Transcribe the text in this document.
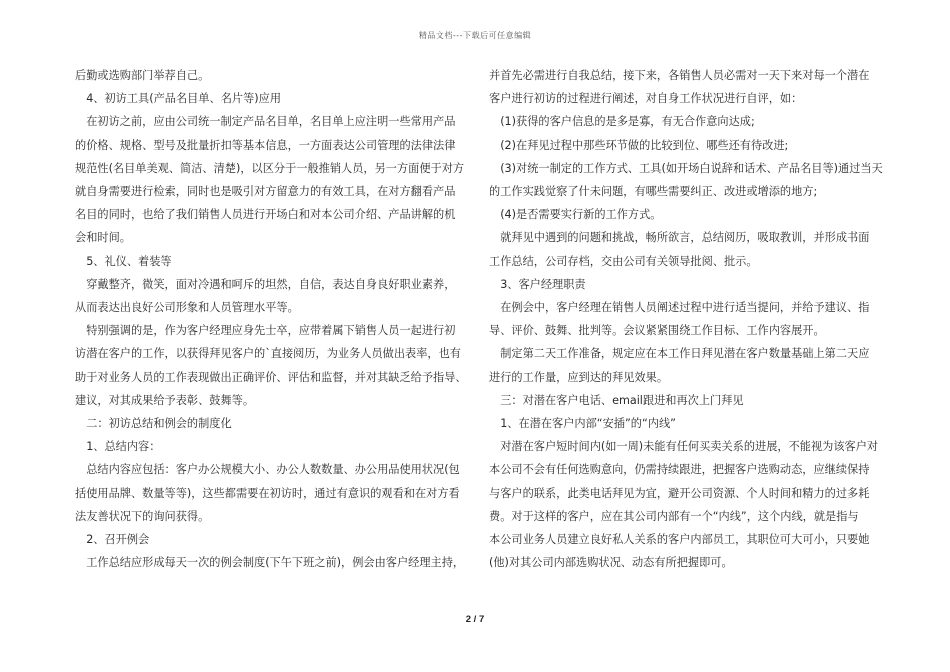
精品文档---下载后可任意编辑

后勤或选购部门举荐自己。

　4、初访工具(产品名目单、名片等)应用

　在初访之前，应由公司统一制定产品名目单，名目单上应注明一些常用产品

的价格、规格、型号及批量折扣等基本信息，一方面表达公司管理的法律法律

规范性(名目单美观、简洁、清楚)，以区分于一般推销人员，另一方面便于对方

就自身需要进行检索，同时也是吸引对方留意力的有效工具，在对方翻看产品

名目的同时，也给了我们销售人员进行开场白和对本公司介绍、产品讲解的机

会和时间。

　5、礼仪、着装等

　穿戴整齐，微笑，面对冷遇和呵斥的坦然，自信，表达自身良好职业素养，

从而表达出良好公司形象和人员管理水平等。

　特别强调的是，作为客户经理应身先士卒，应带着属下销售人员一起进行初

访潜在客户的工作，以获得拜见客户的`直接阅历，为业务人员做出表率，也有

助于对业务人员的工作表现做出正确评价、评估和监督，并对其缺乏给予指导、

建议，对其成果给予表彰、鼓舞等。

　二：初访总结和例会的制度化

　1、总结内容：

　总结内容应包括：客户办公规模大小、办公人数数量、办公用品使用状况(包

括使用品牌、数量等等)，这些都需要在初访时，通过有意识的观看和在对方看

法友善状况下的询问获得。

　2、召开例会

　工作总结应形成每天一次的例会制度(下午下班之前)，例会由客户经理主持，

并首先必需进行自我总结，接下来，各销售人员必需对一天下来对每一个潜在

客户进行初访的过程进行阐述，对自身工作状况进行自评，如：

　(1)获得的客户信息的是多是寡，有无合作意向达成;

　(2)在拜见过程中那些环节做的比较到位、哪些还有待改进;

　(3)对统一制定的工作方式、工具(如开场白说辞和话术、产品名目等)通过当天

的工作实践觉察了什未问题，有哪些需要纠正、改进或增添的地方;

　(4)是否需要实行新的工作方式。

　就拜见中遇到的问题和挑战，畅所欲言，总结阅历，吸取教训，并形成书面

工作总结，公司存档，交由公司有关领导批阅、批示。

　3、客户经理职责

　在例会中，客户经理在销售人员阐述过程中进行适当提问，并给予建议、指

导、评价、鼓舞、批判等。会议紧紧围绕工作目标、工作内容展开。

　制定第二天工作准备，规定应在本工作日拜见潜在客户数量基础上第二天应

进行的工作量，应到达的拜见效果。

　三：对潜在客户电话、email跟进和再次上门拜见

　1、在潜在客户内部“安插”的“内线”

　对潜在客户短时间内(如一周)未能有任何买卖关系的进展，不能视为该客户对

本公司不会有任何选购意向，仍需持续跟进，把握客户选购动态，应继续保持

与客户的联系，此类电话拜见为宜，避开公司资源、个人时间和精力的过多耗

费。对于这样的客户，应在其公司内部有一个“内线”，这个内线，就是指与

本公司业务人员建立良好私人关系的客户内部员工，其职位可大可小，只要她

(他)对其公司内部选购状况、动态有所把握即可。

2 / 7
